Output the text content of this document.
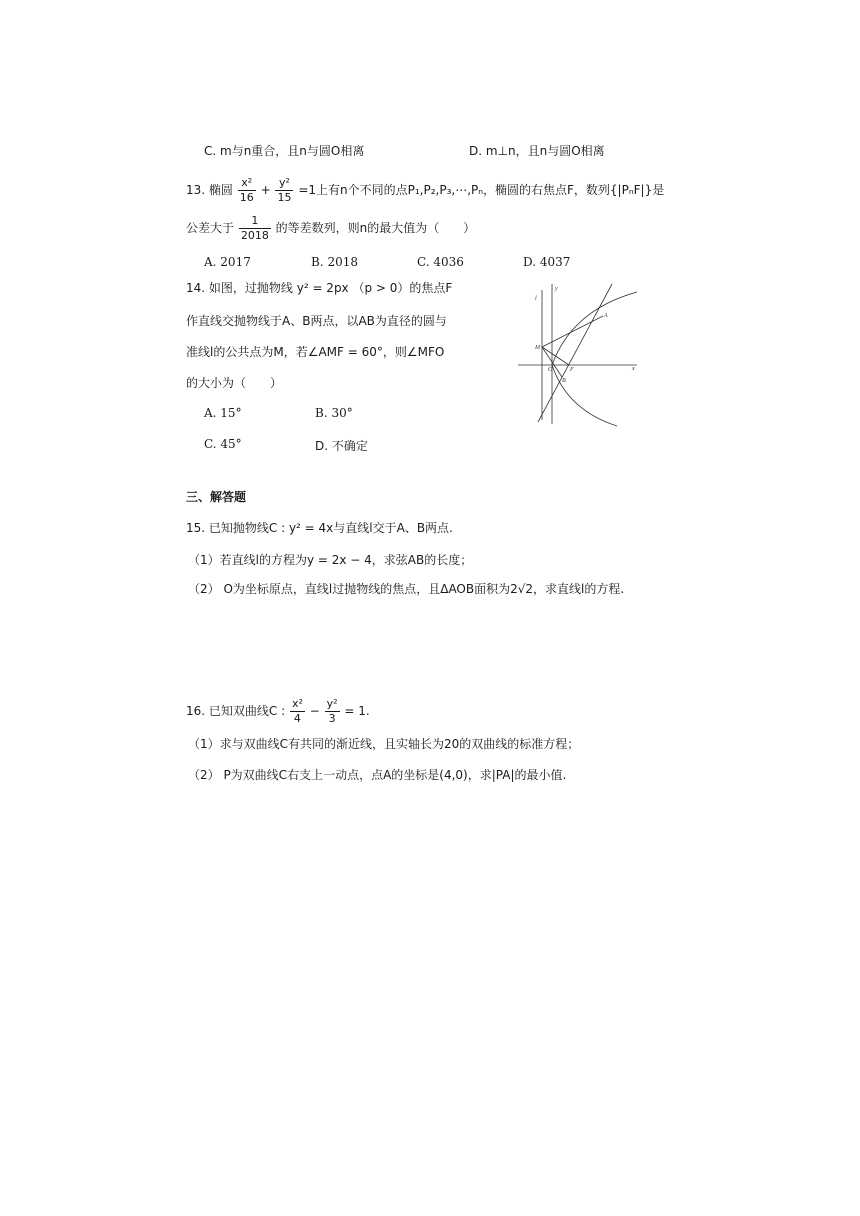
C. m与n重合，且n与圆O相离	D. m⊥n，且n与圆O相离
13. 椭圆 $\frac{\text{x²}}{16} + \frac{\text{y²}}{15} =1$上有n个不同的点P₁,P₂,P₃,⋯,Pₙ，椭圆的右焦点F，数列{|PₙF|}是
公差大于 $\frac{1}{2018}$ 的等差数列，则n的最大值为（　　）
A. 2017	B. 2018	C. 4036	D. 4037
14. 如图，过抛物线 y² = 2px （p > 0）的焦点F
作直线交抛物线于A、B两点，以AB为直径的圆与
准线l的公共点为M，若∠AMF = 60°，则∠MFO
的大小为（　　）
A. 15°	B. 30°
C. 45°	D. 不确定
y
l
A
M
O	F
B
x
三、解答题
15. 已知抛物线C : y² = 4x与直线l交于A、B两点.
（1）若直线l的方程为y = 2x − 4，求弦AB的长度；
（2） O为坐标原点，直线l过抛物线的焦点，且ΔAOB面积为2√2，求直线l的方程.
16. 已知双曲线C : $\frac{\text{x²}}{4} - \frac{\text{y²}}{3} = 1$.
（1）求与双曲线C有共同的渐近线，且实轴长为20的双曲线的标准方程；
（2） P为双曲线C右支上一动点，点A的坐标是(4,0)，求|PA|的最小值.
